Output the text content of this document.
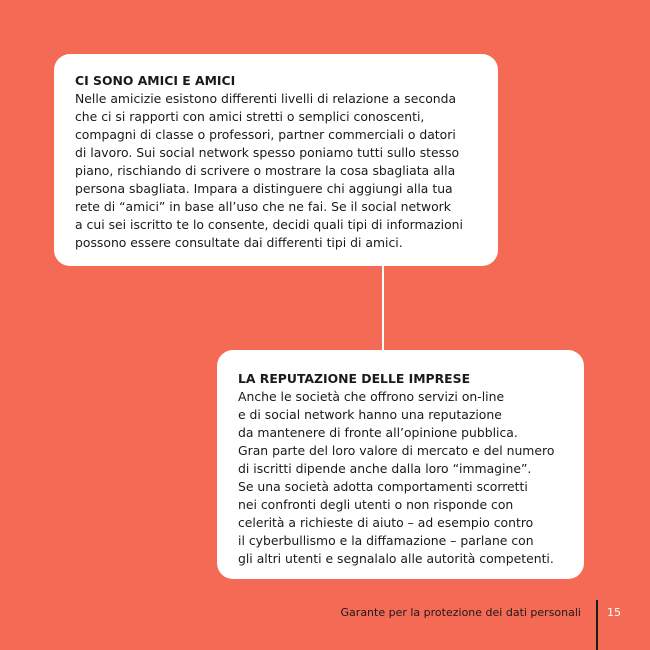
CI SONO AMICI E AMICI

Nelle amicizie esistono differenti livelli di relazione a seconda

che ci si rapporti con amici stretti o semplici conoscenti,

compagni di classe o professori, partner commerciali o datori

di lavoro. Sui social network spesso poniamo tutti sullo stesso

piano, rischiando di scrivere o mostrare la cosa sbagliata alla

persona sbagliata. Impara a distinguere chi aggiungi alla tua

rete di “amici” in base all’uso che ne fai. Se il social network

a cui sei iscritto te lo consente, decidi quali tipi di informazioni

possono essere consultate dai differenti tipi di amici.

LA REPUTAZIONE DELLE IMPRESE

Anche le società che offrono servizi on-line

e di social network hanno una reputazione

da mantenere di fronte all’opinione pubblica.

Gran parte del loro valore di mercato e del numero

di iscritti dipende anche dalla loro “immagine”.

Se una società adotta comportamenti scorretti

nei confronti degli utenti o non risponde con

celerità a richieste di aiuto – ad esempio contro

il cyberbullismo e la diffamazione – parlane con

gli altri utenti e segnalalo alle autorità competenti.

Garante per la protezione dei dati personali 15
